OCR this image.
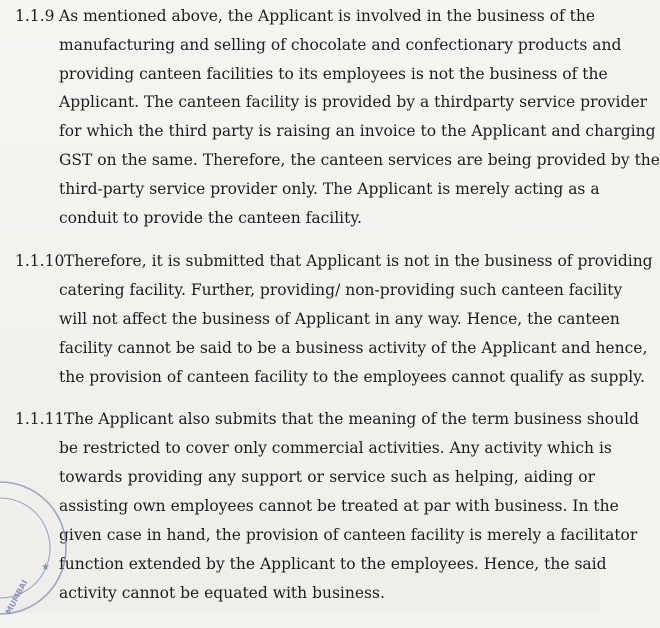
1.1.9 As mentioned above, the Applicant is involved in the business of the
manufacturing and selling of chocolate and confectionary products and
providing canteen facilities to its employees is not the business of the
Applicant. The canteen facility is provided by a thirdparty service provider
for which the third party is raising an invoice to the Applicant and charging
GST on the same. Therefore, the canteen services are being provided by the
third-party service provider only. The Applicant is merely acting as a
conduit to provide the canteen facility.
1.1.10 Therefore, it is submitted that Applicant is not in the business of providing
catering facility. Further, providing/ non-providing such canteen facility
will not affect the business of Applicant in any way. Hence, the canteen
facility cannot be said to be a business activity of the Applicant and hence,
the provision of canteen facility to the employees cannot qualify as supply.
1.1.11 The Applicant also submits that the meaning of the term business should
be restricted to cover only commercial activities. Any activity which is
towards providing any support or service such as helping, aiding or
assisting own employees cannot be treated at par with business. In the
given case in hand, the provision of canteen facility is merely a facilitator
function extended by the Applicant to the employees. Hence, the said
activity cannot be equated with business.
MUMBAI
★
